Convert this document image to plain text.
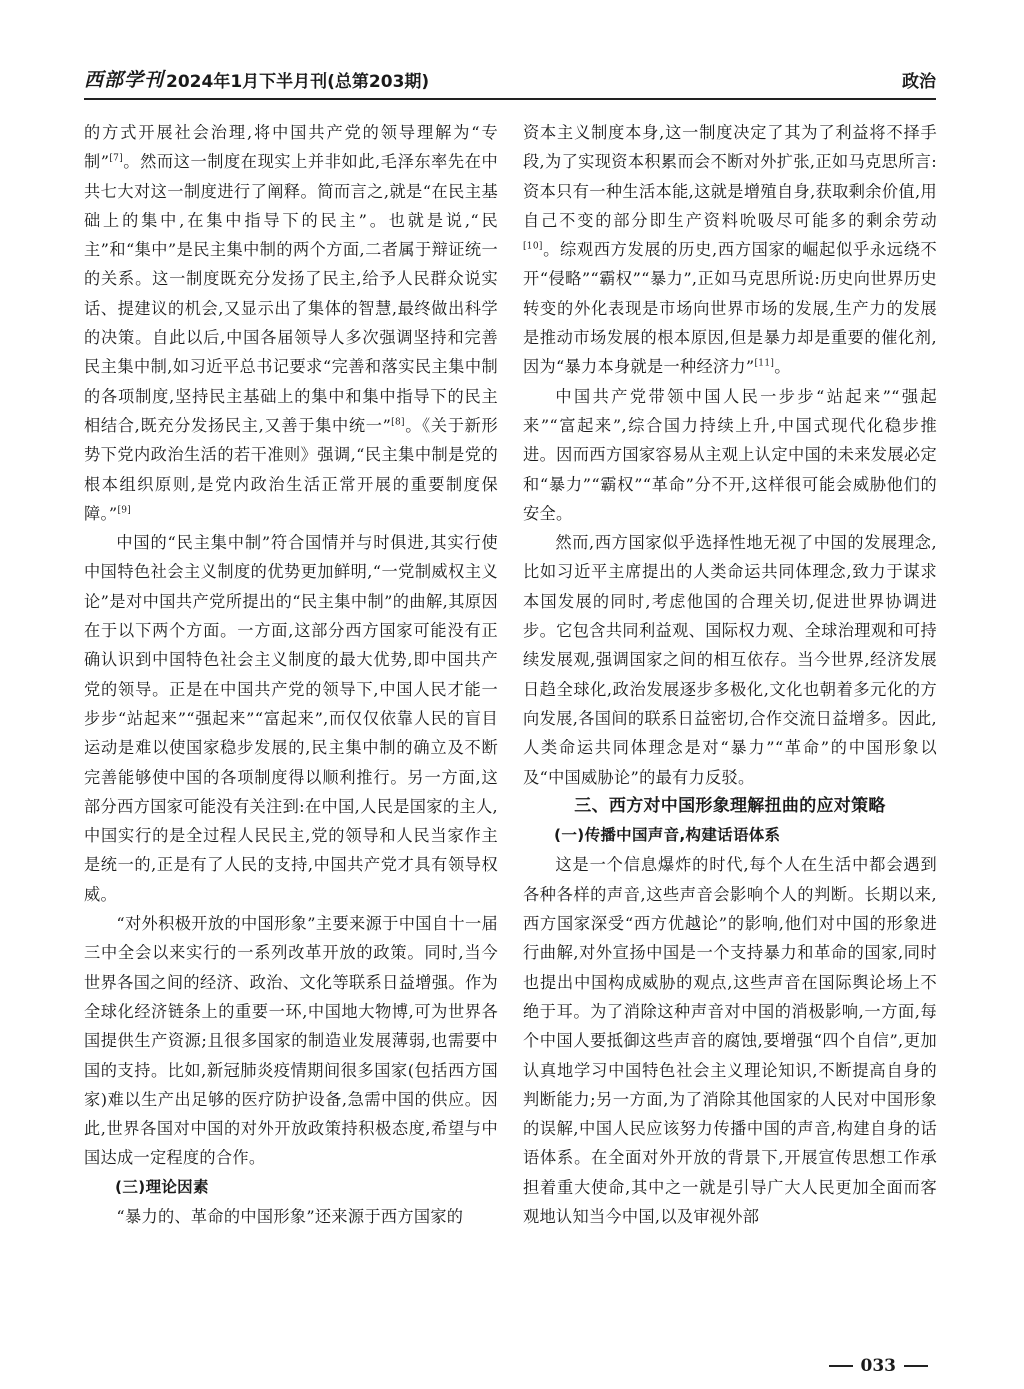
西部学刊 2024年1月下半月刊(总第203期)	政治

的方式开展社会治理,将中国共产党的领导理解为“专制”[7]。然而这一制度在现实上并非如此,毛泽东率先在中共七大对这一制度进行了阐释。简而言之,就是“在民主基础上的集中,在集中指导下的民主”。也就是说,“民主”和“集中”是民主集中制的两个方面,二者属于辩证统一的关系。这一制度既充分发扬了民主,给予人民群众说实话、提建议的机会,又显示出了集体的智慧,最终做出科学的决策。自此以后,中国各届领导人多次强调坚持和完善民主集中制,如习近平总书记要求“完善和落实民主集中制的各项制度,坚持民主基础上的集中和集中指导下的民主相结合,既充分发扬民主,又善于集中统一”[8]。《关于新形势下党内政治生活的若干准则》强调,“民主集中制是党的根本组织原则,是党内政治生活正常开展的重要制度保障。”[9]

中国的“民主集中制”符合国情并与时俱进,其实行使中国特色社会主义制度的优势更加鲜明,“一党制威权主义论”是对中国共产党所提出的“民主集中制”的曲解,其原因在于以下两个方面。一方面,这部分西方国家可能没有正确认识到中国特色社会主义制度的最大优势,即中国共产党的领导。正是在中国共产党的领导下,中国人民才能一步步“站起来”“强起来”“富起来”,而仅仅依靠人民的盲目运动是难以使国家稳步发展的,民主集中制的确立及不断完善能够使中国的各项制度得以顺利推行。另一方面,这部分西方国家可能没有关注到:在中国,人民是国家的主人,中国实行的是全过程人民民主,党的领导和人民当家作主是统一的,正是有了人民的支持,中国共产党才具有领导权威。

“对外积极开放的中国形象”主要来源于中国自十一届三中全会以来实行的一系列改革开放的政策。同时,当今世界各国之间的经济、政治、文化等联系日益增强。作为全球化经济链条上的重要一环,中国地大物博,可为世界各国提供生产资源;且很多国家的制造业发展薄弱,也需要中国的支持。比如,新冠肺炎疫情期间很多国家(包括西方国家)难以生产出足够的医疗防护设备,急需中国的供应。因此,世界各国对中国的对外开放政策持积极态度,希望与中国达成一定程度的合作。

(三)理论因素

“暴力的、革命的中国形象”还来源于西方国家的

资本主义制度本身,这一制度决定了其为了利益将不择手段,为了实现资本积累而会不断对外扩张,正如马克思所言:资本只有一种生活本能,这就是增殖自身,获取剩余价值,用自己不变的部分即生产资料吮吸尽可能多的剩余劳动[10]。综观西方发展的历史,西方国家的崛起似乎永远绕不开“侵略”“霸权”“暴力”,正如马克思所说:历史向世界历史转变的外化表现是市场向世界市场的发展,生产力的发展是推动市场发展的根本原因,但是暴力却是重要的催化剂,因为“暴力本身就是一种经济力”[11]。

中国共产党带领中国人民一步步“站起来”“强起来”“富起来”,综合国力持续上升,中国式现代化稳步推进。因而西方国家容易从主观上认定中国的未来发展必定和“暴力”“霸权”“革命”分不开,这样很可能会威胁他们的安全。

然而,西方国家似乎选择性地无视了中国的发展理念,比如习近平主席提出的人类命运共同体理念,致力于谋求本国发展的同时,考虑他国的合理关切,促进世界协调进步。它包含共同利益观、国际权力观、全球治理观和可持续发展观,强调国家之间的相互依存。当今世界,经济发展日趋全球化,政治发展逐步多极化,文化也朝着多元化的方向发展,各国间的联系日益密切,合作交流日益增多。因此,人类命运共同体理念是对“暴力”“革命”的中国形象以及“中国威胁论”的最有力反驳。

三、西方对中国形象理解扭曲的应对策略

(一)传播中国声音,构建话语体系

这是一个信息爆炸的时代,每个人在生活中都会遇到各种各样的声音,这些声音会影响个人的判断。长期以来,西方国家深受“西方优越论”的影响,他们对中国的形象进行曲解,对外宣扬中国是一个支持暴力和革命的国家,同时也提出中国构成威胁的观点,这些声音在国际舆论场上不绝于耳。为了消除这种声音对中国的消极影响,一方面,每个中国人要抵御这些声音的腐蚀,要增强“四个自信”,更加认真地学习中国特色社会主义理论知识,不断提高自身的判断能力;另一方面,为了消除其他国家的人民对中国形象的误解,中国人民应该努力传播中国的声音,构建自身的话语体系。在全面对外开放的背景下,开展宣传思想工作承担着重大使命,其中之一就是引导广大人民更加全面而客观地认知当今中国,以及审视外部

033
